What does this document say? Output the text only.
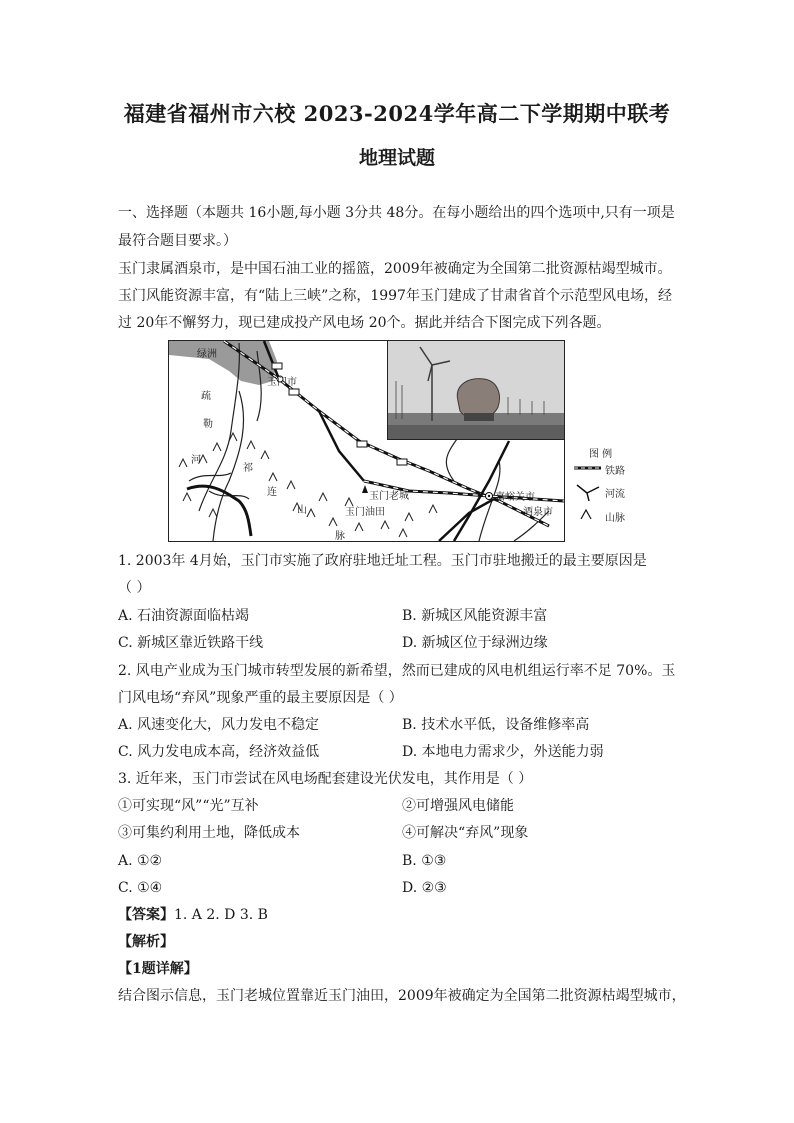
福建省福州市六校 2023-2024学年高二下学期期中联考
地理试题
一、选择题（本题共 16小题,每小题 3分共 48分。在每小题给出的四个选项中,只有一项是
最符合题目要求。）
玉门隶属酒泉市，是中国石油工业的摇篮，2009年被确定为全国第二批资源枯竭型城市。
玉门风能资源丰富，有“陆上三峡”之称，1997年玉门建成了甘肃省首个示范型风电场，经
过 20年不懈努力，现已建成投产风电场 20个。据此并结合下图完成下列各题。
绿洲
玉门市
疏
勒
河
祁
连
山
脉
玉门老城
玉门油田
嘉峪关市
酒泉市
图 例
铁路
河流
山脉
1. 2003年 4月始，玉门市实施了政府驻地迁址工程。玉门市驻地搬迁的最主要原因是
（ ）
A. 石油资源面临枯竭	B. 新城区风能资源丰富
C. 新城区靠近铁路干线	D. 新城区位于绿洲边缘
2. 风电产业成为玉门城市转型发展的新希望，然而已建成的风电机组运行率不足 70%。玉
门风电场“弃风”现象严重的最主要原因是（ ）
A. 风速变化大，风力发电不稳定	B. 技术水平低，设备维修率高
C. 风力发电成本高，经济效益低	D. 本地电力需求少，外送能力弱
3. 近年来，玉门市尝试在风电场配套建设光伏发电，其作用是（ ）
①可实现“风”“光”互补	②可增强风电储能
③可集约利用土地，降低成本	④可解决“弃风”现象
A. ①②	B. ①③
C. ①④	D. ②③
【答案】1. A 2. D 3. B
【解析】
【1题详解】
结合图示信息，玉门老城位置靠近玉门油田，2009年被确定为全国第二批资源枯竭型城市，
